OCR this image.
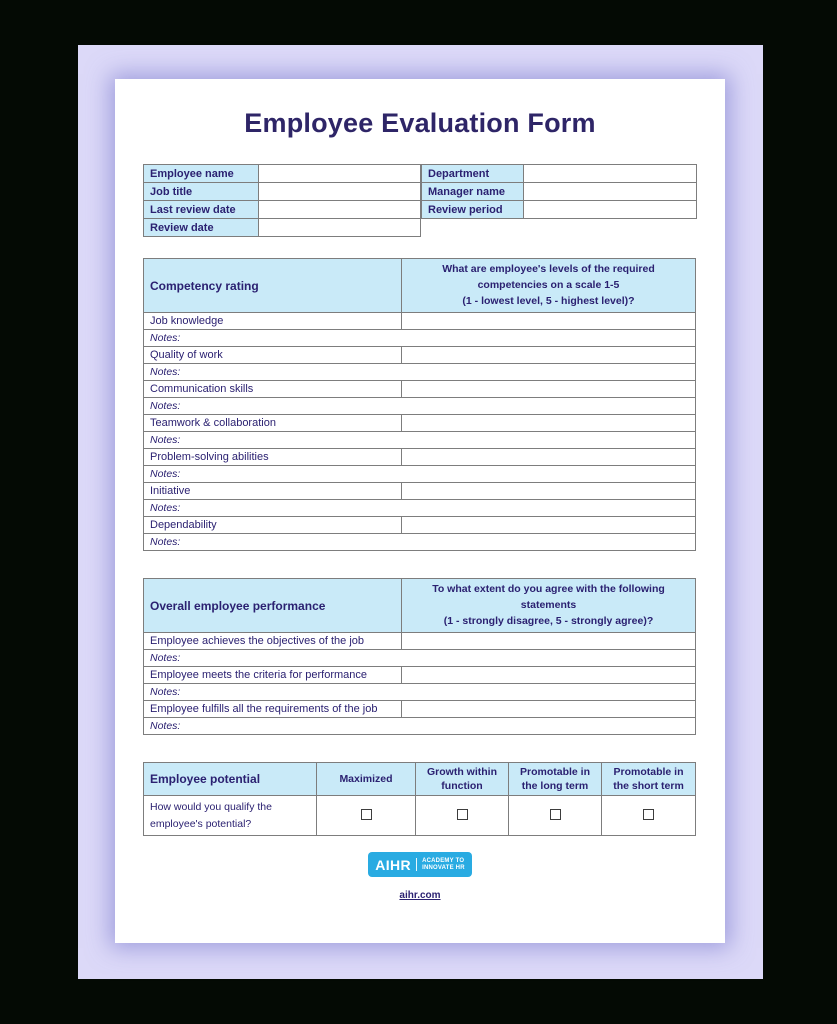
Employee Evaluation Form
Employee name	
Job title	
Last review date	
Review date	
Department	
Manager name	
Review period	
Competency rating	What are employee's levels of the required competencies on a scale 1-5
(1 - lowest level, 5 - highest level)?

Job knowledge	
Notes:	
Quality of work	
Notes:	
Communication skills	
Notes:	
Teamwork & collaboration	
Notes:	
Problem-solving abilities	
Notes:	
Initiative	
Notes:	
Dependability	
Notes:	
Overall employee performance	To what extent do you agree with the following statements
(1 - strongly disagree, 5 - strongly agree)?

Employee achieves the objectives of the job	
Notes:	
Employee meets the criteria for performance	
Notes:	
Employee fulfills all the requirements of the job	
Notes:	
Employee potential	Maximized	Growth within function	Promotable in the long term	Promotable in the short term
How would you qualify the employee's potential?				
AIHR ACADEMY TO
INNOVATE HR
aihr.com
